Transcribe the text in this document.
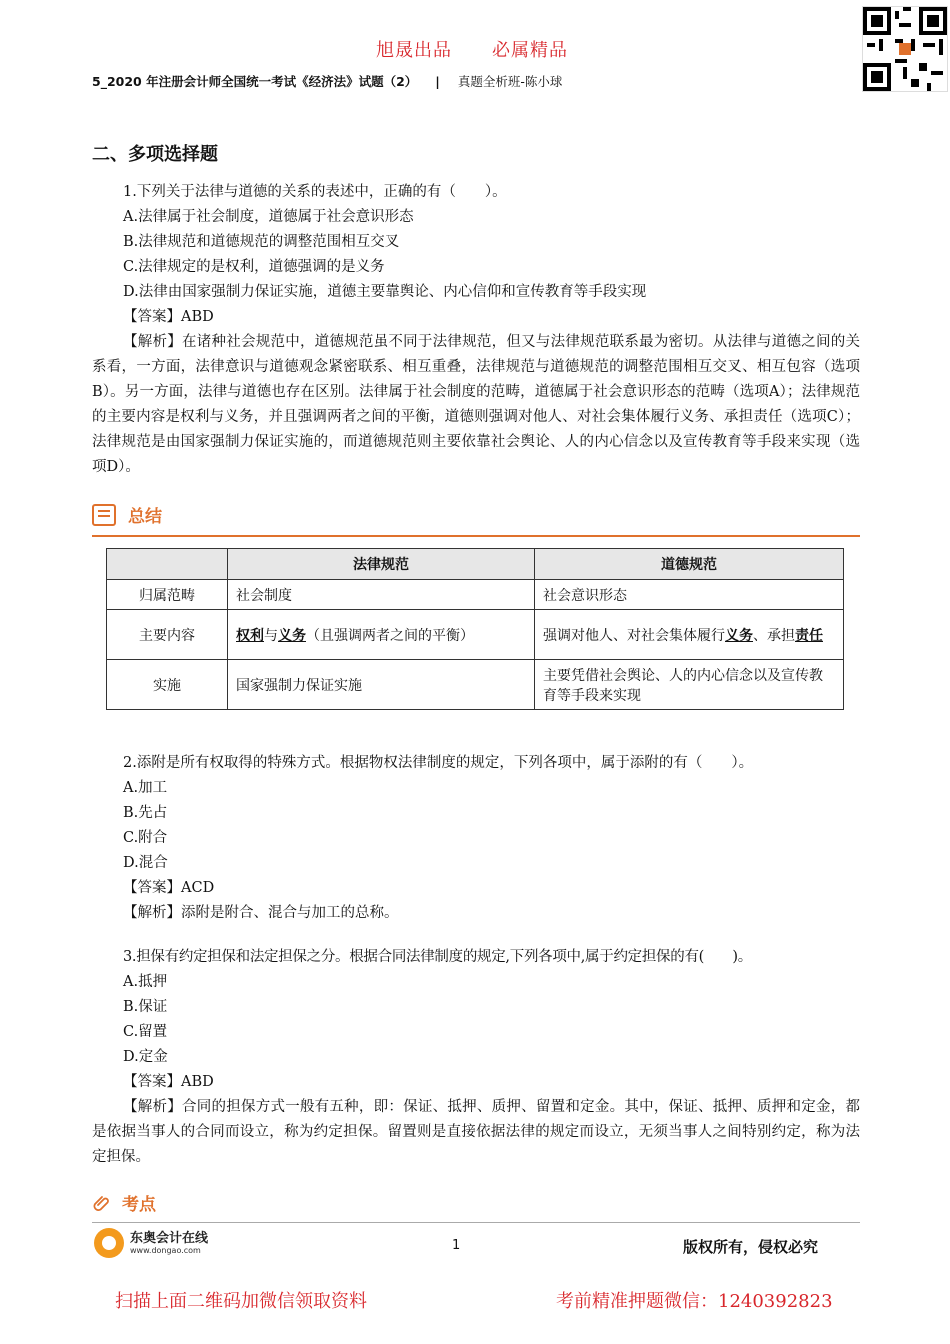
旭晟出品 必属精品
5_2020 年注册会计师全国统一考试《经济法》试题（2） | 真题全析班-陈小球
二、多项选择题
1.下列关于法律与道德的关系的表述中，正确的有（　　）。
A.法律属于社会制度，道德属于社会意识形态
B.法律规范和道德规范的调整范围相互交叉
C.法律规定的是权利，道德强调的是义务
D.法律由国家强制力保证实施，道德主要靠舆论、内心信仰和宣传教育等手段实现
【答案】ABD
【解析】在诸种社会规范中，道德规范虽不同于法律规范，但又与法律规范联系最为密切。从法律与道德之间的关系看，一方面，法律意识与道德观念紧密联系、相互重叠，法律规范与道德规范的调整范围相互交叉、相互包容（选项B）。另一方面，法律与道德也存在区别。法律属于社会制度的范畴，道德属于社会意识形态的范畴（选项A）；法律规范的主要内容是权利与义务，并且强调两者之间的平衡，道德则强调对他人、对社会集体履行义务、承担责任（选项C）；法律规范是由国家强制力保证实施的，而道德规范则主要依靠社会舆论、人的内心信念以及宣传教育等手段来实现（选项D）。
总结
	法律规范	道德规范
归属范畴	社会制度	社会意识形态
主要内容	权利与义务（且强调两者之间的平衡）	强调对他人、对社会集体履行义务、承担责任
实施	国家强制力保证实施	主要凭借社会舆论、人的内心信念以及宣传教育等手段来实现
2.添附是所有权取得的特殊方式。根据物权法律制度的规定，下列各项中，属于添附的有（　　）。
A.加工
B.先占
C.附合
D.混合
【答案】ACD
【解析】添附是附合、混合与加工的总称。
3.担保有约定担保和法定担保之分。根据合同法律制度的规定,下列各项中,属于约定担保的有(　　)。
A.抵押
B.保证
C.留置
D.定金
【答案】ABD
【解析】合同的担保方式一般有五种，即：保证、抵押、质押、留置和定金。其中，保证、抵押、质押和定金，都是依据当事人的合同而设立，称为约定担保。留置则是直接依据法律的规定而设立，无须当事人之间特别约定，称为法定担保。
考点
东奥会计在线
www.dongao.com	1	版权所有，侵权必究
扫描上面二维码加微信领取资料	考前精准押题微信：1240392823
